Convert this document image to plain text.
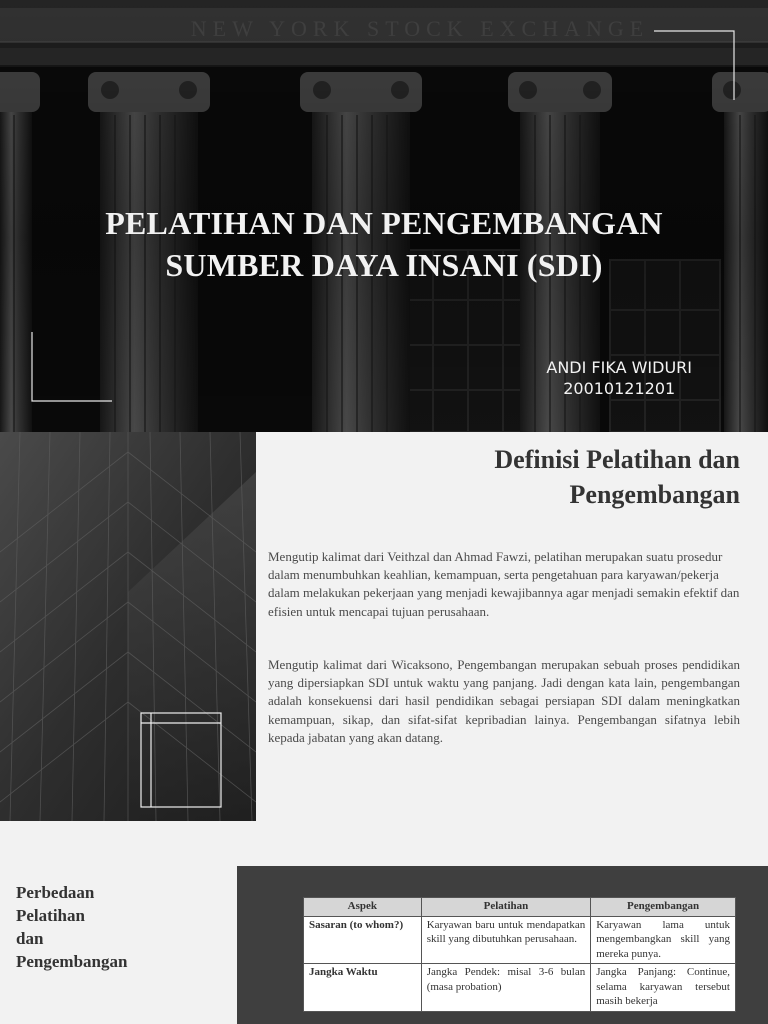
PELATIHAN DAN PENGEMBANGAN
SUMBER DAYA INSANI (SDI)
ANDI FIKA WIDURI
20010121201
Definisi Pelatihan dan
Pengembangan

Mengutip kalimat dari Veithzal dan Ahmad Fawzi, pelatihan merupakan suatu prosedur dalam menumbuhkan keahlian, kemampuan, serta pengetahuan para karyawan/pekerja dalam melakukan pekerjaan yang menjadi kewajibannya agar menjadi semakin efektif dan efisien untuk mencapai tujuan perusahaan.

Mengutip kalimat dari Wicaksono, Pengembangan merupakan sebuah proses pendidikan yang dipersiapkan SDI untuk waktu yang panjang. Jadi dengan kata lain, pengembangan adalah konsekuensi dari hasil pendidikan sebagai persiapan SDI dalam meningkatkan kemampuan, sikap, dan sifat-sifat kepribadian lainya. Pengembangan sifatnya lebih kepada jabatan yang akan datang.

Perbedaan
Pelatihan
dan
Pengembangan
Aspek	Pelatihan	Pengembangan
Sasaran (to whom?)	Karyawan baru untuk mendapatkan skill yang dibutuhkan perusahaan.	Karyawan lama untuk mengembangkan skill yang mereka punya.
Jangka Waktu	Jangka Pendek: misal 3-6 bulan (masa probation)	Jangka Panjang: Continue, selama karyawan tersebut masih bekerja
